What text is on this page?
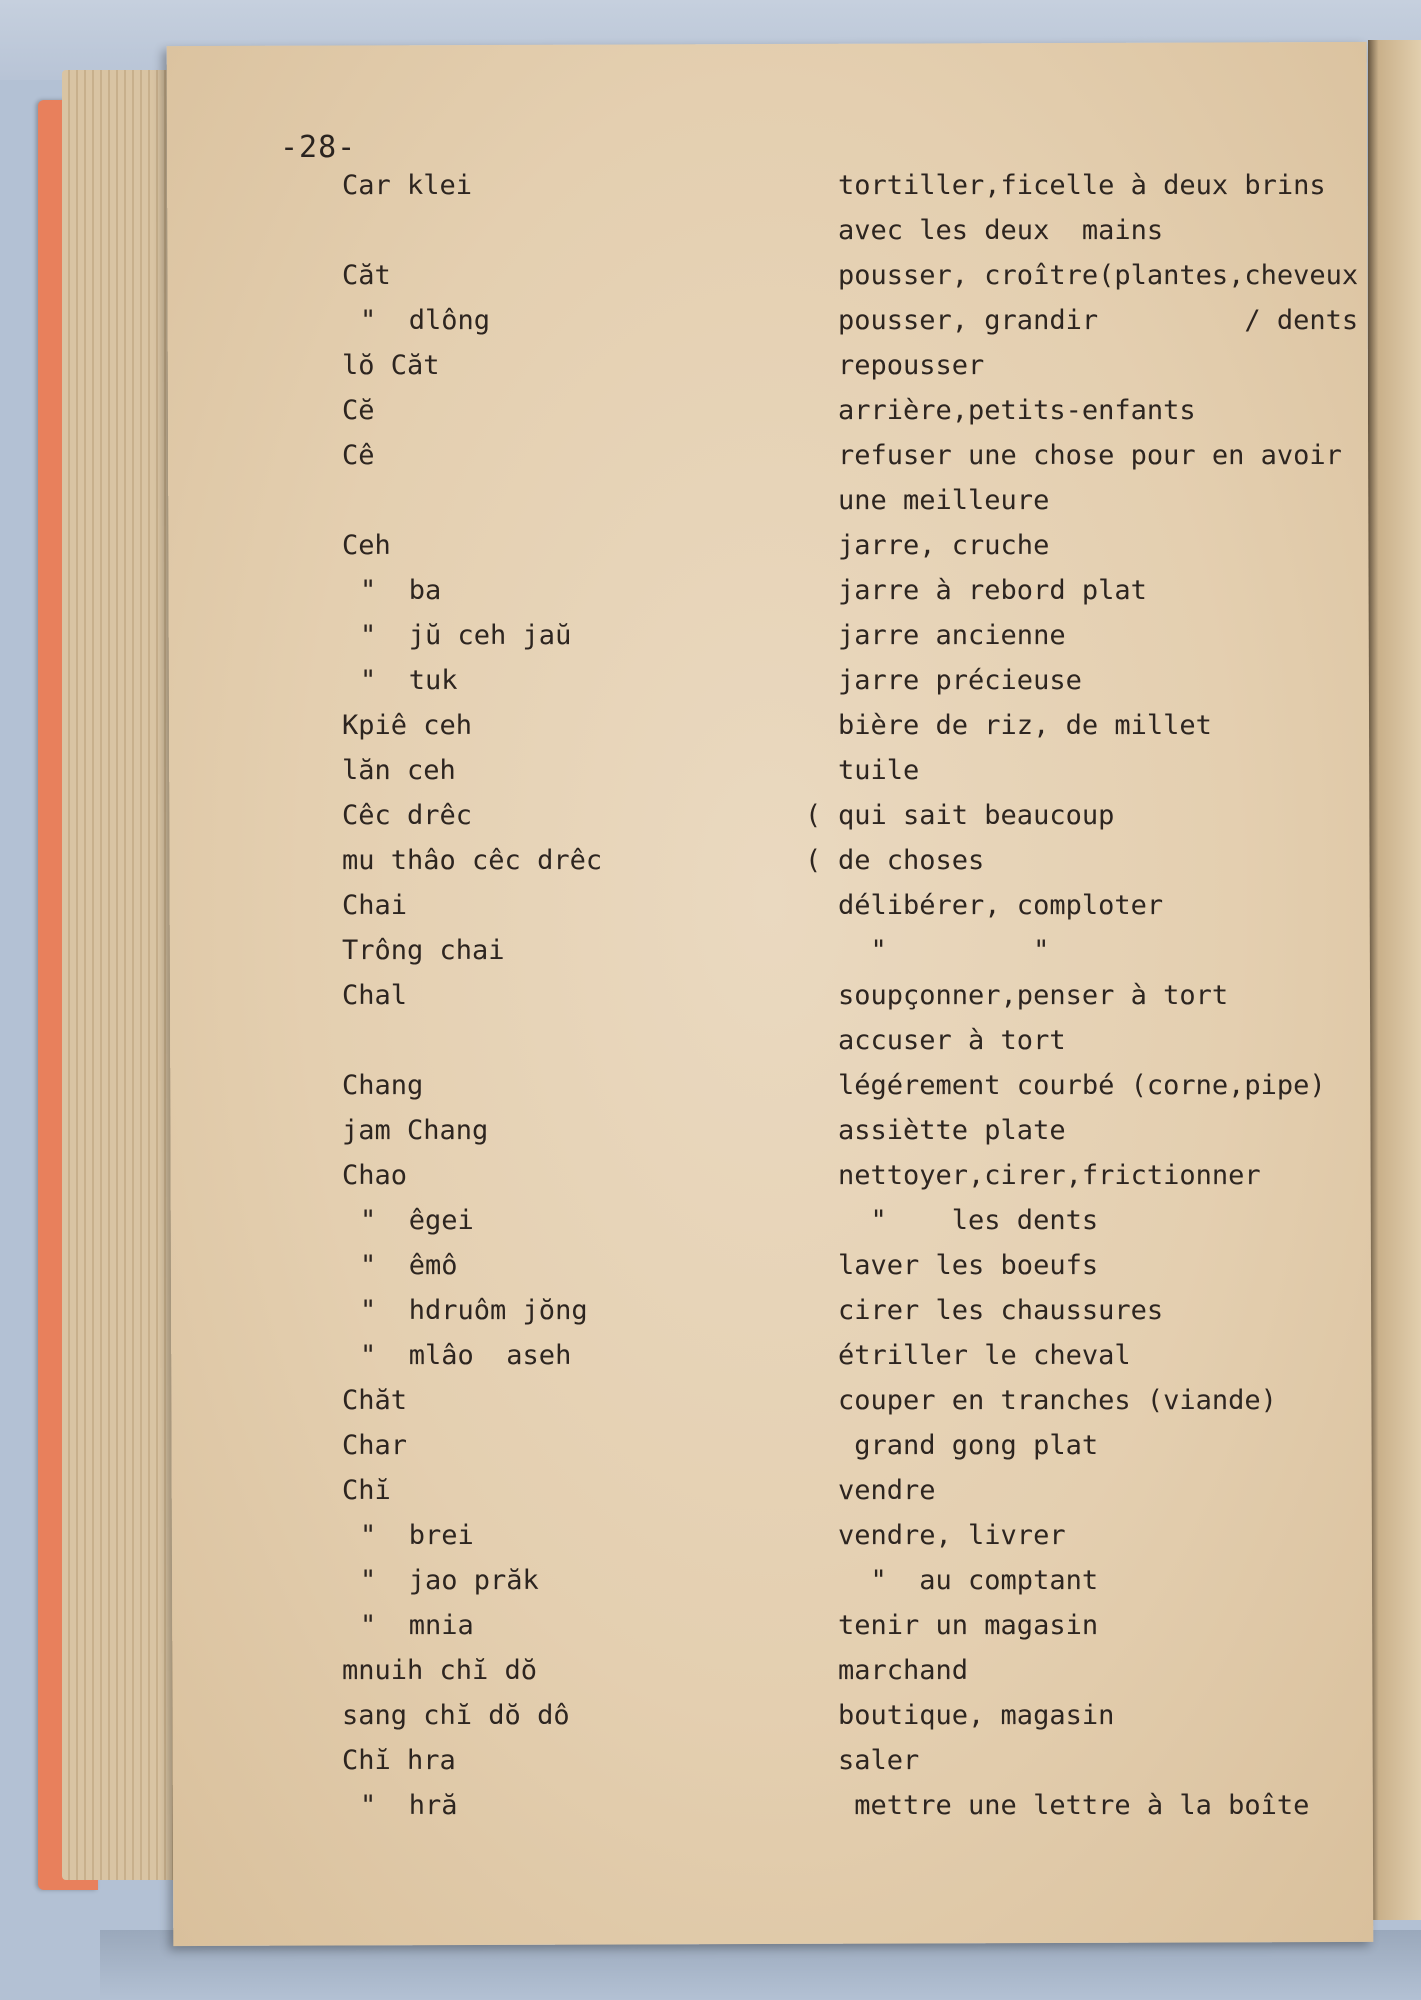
-28-
Car klei	tortiller,ficelle à deux brins
avec les deux  mains
Căt	pousser, croître(plantes,cheveux
"  dlông	pousser, grandir         / dents
lŏ Căt	repousser
Cĕ	arrière,petits-enfants
Cê	refuser une chose pour en avoir
une meilleure
Ceh	jarre, cruche
"  ba	jarre à rebord plat
"  jŭ ceh jaŭ	jarre ancienne
"  tuk	jarre précieuse
Kpiê ceh	bière de riz, de millet
lăn ceh	tuile
Cêc drêc	( qui sait beaucoup
mu thâo cêc drêc	( de choses
Chai	délibérer, comploter
Trông chai	"         "
Chal	soupçonner,penser à tort
accuser à tort
Chang	légérement courbé (corne,pipe)
jam Chang	assiètte plate
Chao	nettoyer,cirer,frictionner
"  êgei	"    les dents
"  êmô	laver les boeufs
"  hdruôm jŏng	cirer les chaussures
"  mlâo  aseh	étriller le cheval
Chăt	couper en tranches (viande)
Char	grand gong plat
Chĭ	vendre
"  brei	vendre, livrer
"  jao prăk	"  au comptant
"  mnia	tenir un magasin
mnuih chĭ dŏ	marchand
sang chĭ dŏ dô	boutique, magasin
Chĭ hra	saler
"  hră	mettre une lettre à la boîte
